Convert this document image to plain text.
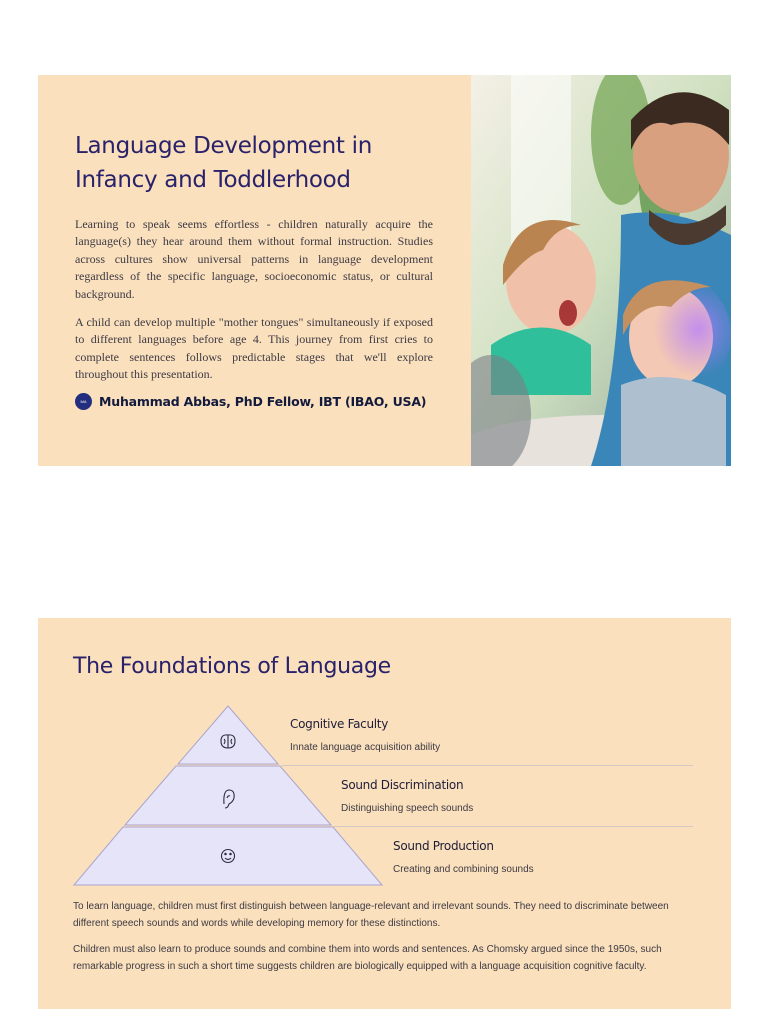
Language Development in Infancy and Toddlerhood

Learning to speak seems effortless - children naturally acquire the language(s) they hear around them without formal instruction. Studies across cultures show universal patterns in language development regardless of the specific language, socioeconomic status, or cultural background.

A child can develop multiple "mother tongues" simultaneously if exposed to different languages before age 4. This journey from first cries to complete sentences follows predictable stages that we'll explore throughout this presentation.

MA	Muhammad Abbas, PhD Fellow, IBT (IBAO, USA)
The Foundations of Language

Cognitive Faculty

Innate language acquisition ability

Sound Discrimination

Distinguishing speech sounds

Sound Production

Creating and combining sounds

To learn language, children must first distinguish between language-relevant and irrelevant sounds. They need to discriminate between different speech sounds and words while developing memory for these distinctions.

Children must also learn to produce sounds and combine them into words and sentences. As Chomsky argued since the 1950s, such remarkable progress in such a short time suggests children are biologically equipped with a language acquisition cognitive faculty.
